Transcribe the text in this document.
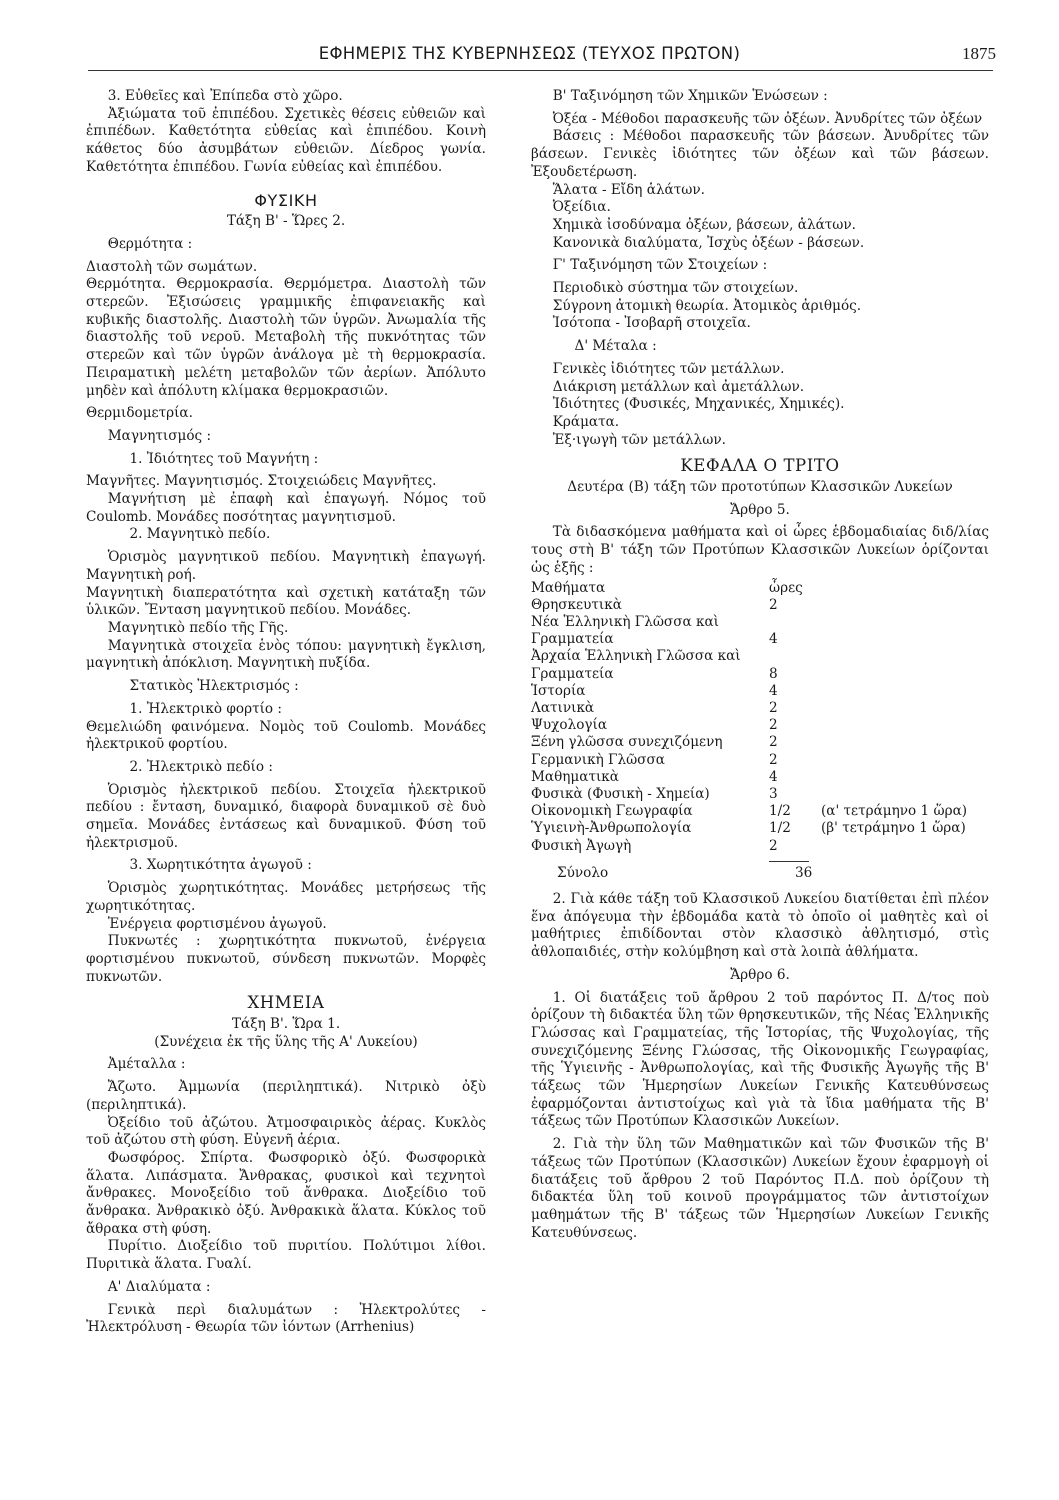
ΕΦΗΜΕΡΙΣ ΤΗΣ ΚΥΒΕΡΝΗΣΕΩΣ (ΤΕΥΧΟΣ ΠΡΩΤΟΝ)	1875

3. Εὐθεῖες καὶ Ἐπίπεδα στὸ χῶρο.

Ἀξιώματα τοῦ ἐπιπέδου. Σχετικὲς θέσεις εὐθειῶν καὶ ἐπιπέδων. Καθετότητα εὐθείας καὶ ἐπιπέδου. Κοινὴ κάθετος δύο ἀσυμβάτων εὐθειῶν. Δίεδρος γωνία. Καθετότητα ἐπιπέδου. Γωνία εὐθείας καὶ ἐπιπέδου.

ΦΥΣΙΚΗ

Τάξη Β' - Ὥρες 2.

Θερμότητα :

Διαστολὴ τῶν σωμάτων.

Θερμότητα. Θερμοκρασία. Θερμόμετρα. Διαστολὴ τῶν στερεῶν. Ἐξισώσεις γραμμικῆς ἐπιφανειακῆς καὶ κυβικῆς διαστολῆς. Διαστολὴ τῶν ὑγρῶν. Ἀνωμαλία τῆς διαστολῆς τοῦ νεροῦ. Μεταβολὴ τῆς πυκνότητας τῶν στερεῶν καὶ τῶν ὑγρῶν ἀνάλογα μὲ τὴ θερμοκρασία. Πειραματικὴ μελέτη μεταβολῶν τῶν ἀερίων. Ἀπόλυτο μηδὲν καὶ ἀπόλυτη κλίμακα θερμοκρασιῶν.

Θερμιδομετρία.

Μαγνητισμός :

1. Ἰδιότητες τοῦ Μαγνήτη :

Μαγνῆτες. Μαγνητισμός. Στοιχειώδεις Μαγνῆτες.

Μαγνήτιση μὲ ἐπαφὴ καὶ ἐπαγωγή. Νόμος τοῦ Coulomb. Μονάδες ποσότητας μαγνητισμοῦ.

2. Μαγνητικὸ πεδίο.

Ὁρισμὸς μαγνητικοῦ πεδίου. Μαγνητικὴ ἐπαγωγή. Μαγνητικὴ ροή.

Μαγνητικὴ διαπερατότητα καὶ σχετικὴ κατάταξη τῶν ὑλικῶν. Ἔνταση μαγνητικοῦ πεδίου. Μονάδες.

Μαγνητικὸ πεδίο τῆς Γῆς.

Μαγνητικὰ στοιχεῖα ἑνὸς τόπου: μαγνητικὴ ἔγκλιση, μαγνητικὴ ἀπόκλιση. Μαγνητικὴ πυξίδα.

Στατικὸς Ἠλεκτρισμός :

1. Ἠλεκτρικὸ φορτίο :

Θεμελιώδη φαινόμενα. Νομὸς τοῦ Coulomb. Μονάδες ἠλεκτρικοῦ φορτίου.

2. Ἠλεκτρικὸ πεδίο :

Ὁρισμὸς ἠλεκτρικοῦ πεδίου. Στοιχεῖα ἠλεκτρικοῦ πεδίου : ἔνταση, δυναμικό, διαφορὰ δυναμικοῦ σὲ δυὸ σημεῖα. Μονάδες ἐντάσεως καὶ δυναμικοῦ. Φύση τοῦ ἠλεκτρισμοῦ.

3. Χωρητικότητα ἀγωγοῦ :

Ὁρισμὸς χωρητικότητας. Μονάδες μετρήσεως τῆς χωρητικότητας.

Ἐνέργεια φορτισμένου ἀγωγοῦ.

Πυκνωτές : χωρητικότητα πυκνωτοῦ, ἐνέργεια φορτισμένου πυκνωτοῦ, σύνδεση πυκνωτῶν. Μορφὲς πυκνωτῶν.

ΧΗΜΕΙΑ

Τάξη Β'. Ὥρα 1.

(Συνέχεια ἐκ τῆς ὕλης τῆς Α' Λυκείου)

Ἀμέταλλα :

Ἄζωτο. Ἀμμωνία (περιληπτικά). Νιτρικὸ ὀξὺ (περιληπτικά).

Ὀξείδιο τοῦ ἀζώτου. Ἀτμοσφαιρικὸς ἀέρας. Κυκλὸς τοῦ ἀζώτου στὴ φύση. Εὐγενῆ ἀέρια.

Φωσφόρος. Σπίρτα. Φωσφορικὸ ὀξύ. Φωσφορικὰ ἅλατα. Λιπάσματα. Ἄνθρακας, φυσικοὶ καὶ τεχνητοὶ ἄνθρακες. Μονοξείδιο τοῦ ἄνθρακα. Διοξείδιο τοῦ ἄνθρακα. Ἀνθρακικὸ ὀξύ. Ἀνθρακικὰ ἅλατα. Κύκλος τοῦ ἄθρακα στὴ φύση.

Πυρίτιο. Διοξείδιο τοῦ πυριτίου. Πολύτιμοι λίθοι. Πυριτικὰ ἅλατα. Γυαλί.

Α' Διαλύματα :

Γενικὰ περὶ διαλυμάτων : Ἠλεκτρολύτες - Ἠλεκτρόλυση - Θεωρία τῶν ἰόντων (Arrhenius)

Β' Ταξινόμηση τῶν Χημικῶν Ἑνώσεων :

Ὀξέα - Μέθοδοι παρασκευῆς τῶν ὀξέων. Ἀνυδρίτες τῶν ὀξέων

Βάσεις : Μέθοδοι παρασκευῆς τῶν βάσεων. Ἀνυδρίτες τῶν βάσεων. Γενικὲς ἰδιότητες τῶν ὀξέων καὶ τῶν βάσεων. Ἐξουδετέρωση.

Ἅλατα - Εἴδη ἁλάτων.

Ὀξείδια.

Χημικὰ ἰσοδύναμα ὀξέων, βάσεων, ἁλάτων.

Κανονικὰ διαλύματα, Ἰσχὺς ὀξέων - βάσεων.

Γ' Ταξινόμηση τῶν Στοιχείων :

Περιοδικὸ σύστημα τῶν στοιχείων.

Σύγρονη ἀτομικὴ θεωρία. Ἀτομικὸς ἀριθμός.

Ἰσότοπα - Ἰσοβαρῆ στοιχεῖα.

Δ' Μέταλα :

Γενικὲς ἰδιότητες τῶν μετάλλων.

Διάκριση μετάλλων καὶ ἀμετάλλων.

Ἰδιότητες (Φυσικές, Μηχανικές, Χημικές).

Κράματα.

Ἐξ·ιγωγὴ τῶν μετάλλων.

ΚΕΦΑΛΑ Ο ΤΡΙΤΟ

Δευτέρα (Β) τάξη τῶν προτοτύπων Κλασσικῶν Λυκείων

Ἄρθρο 5.

Τὰ διδασκόμενα μαθήματα καὶ οἱ ὧρες ἑβδομαδιαίας διδ/λίας τους στὴ Β' τάξη τῶν Προτύπων Κλασσικῶν Λυκείων ὁρίζονται ὡς ἑξῆς :

Μαθήματα	ὧρες	
Θρησκευτικὰ	2	
Νέα Ἑλληνικὴ Γλῶσσα καὶ		
Γραμματεία	4	
Ἀρχαία Ἑλληνικὴ Γλῶσσα καὶ		
Γραμματεία	8	
Ἱστορία	4	
Λατινικὰ	2	
Ψυχολογία	2	
Ξένη γλῶσσα συνεχιζόμενη	2	
Γερμανικὴ Γλῶσσα	2	
Μαθηματικὰ	4	
Φυσικὰ (Φυσικὴ - Χημεία)	3	
Οἰκονομικὴ Γεωγραφία	1/2	(α' τετράμηνο 1 ὥρα)
Ὑγιεινὴ-Ἀνθρωπολογία	1/2	(β' τετράμηνο 1 ὥρα)
Φυσικὴ Ἀγωγὴ	2	
Σύνολο	36	

2. Γιὰ κάθε τάξη τοῦ Κλασσικοῦ Λυκείου διατίθεται ἐπὶ πλέον ἕνα ἀπόγευμα τὴν ἑβδομάδα κατὰ τὸ ὁποῖο οἱ μαθητὲς καὶ οἱ μαθήτριες ἐπιδίδονται στὸν κλασσικὸ ἀθλητισμό, στὶς ἀθλοπαιδιές, στὴν κολύμβηση καὶ στὰ λοιπὰ ἀθλήματα.

Ἄρθρο 6.

1. Οἱ διατάξεις τοῦ ἄρθρου 2 τοῦ παρόντος Π. Δ/τος ποὺ ὁρίζουν τὴ διδακτέα ὕλη τῶν θρησκευτικῶν, τῆς Νέας Ἑλληνικῆς Γλώσσας καὶ Γραμματείας, τῆς Ἱστορίας, τῆς Ψυχολογίας, τῆς συνεχιζόμενης Ξένης Γλώσσας, τῆς Οἰκονομικῆς Γεωγραφίας, τῆς Ὑγιεινῆς - Ἀνθρωπολογίας, καὶ τῆς Φυσικῆς Ἀγωγῆς τῆς Β' τάξεως τῶν Ἡμερησίων Λυκείων Γενικῆς Κατευθύνσεως ἐφαρμόζονται ἀντιστοίχως καὶ γιὰ τὰ ἴδια μαθήματα τῆς Β' τάξεως τῶν Προτύπων Κλασσικῶν Λυκείων.

2. Γιὰ τὴν ὕλη τῶν Μαθηματικῶν καὶ τῶν Φυσικῶν τῆς Β' τάξεως τῶν Προτύπων (Κλασσικῶν) Λυκείων ἔχουν ἐφαρμογὴ οἱ διατάξεις τοῦ ἄρθρου 2 τοῦ Παρόντος Π.Δ. ποὺ ὁρίζουν τὴ διδακτέα ὕλη τοῦ κοινοῦ προγράμματος τῶν ἀντιστοίχων μαθημάτων τῆς Β' τάξεως τῶν Ἡμερησίων Λυκείων Γενικῆς Κατευθύνσεως.
